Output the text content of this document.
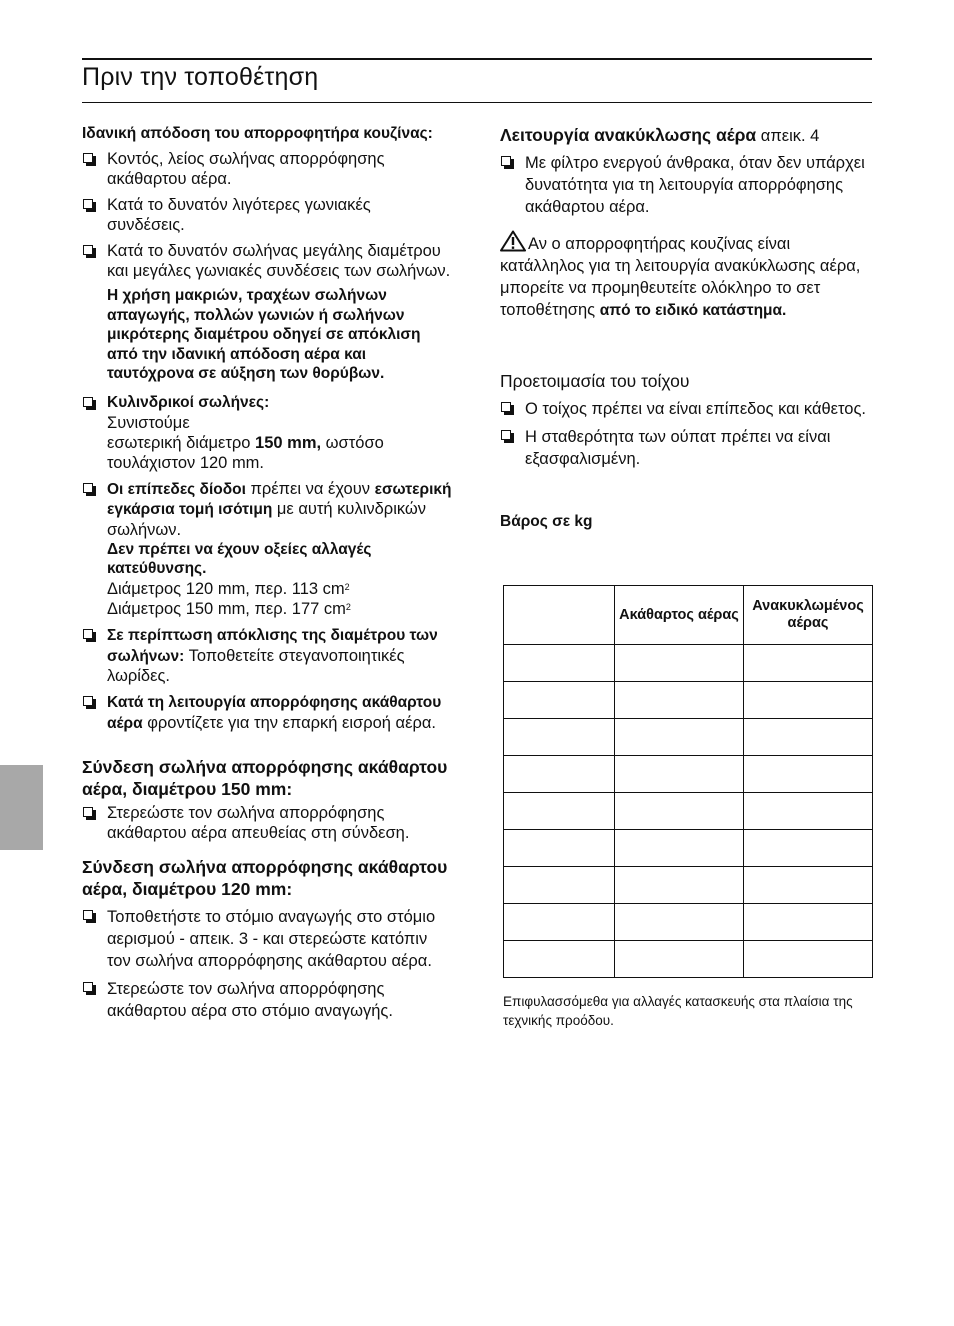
Πριν την τοποθέτηση

Ιδανική απόδοση του απορροφητήρα κουζίνας:

Κοντός, λείος σωλήνας απορρόφησης ακάθαρτου αέρα.
Κατά το δυνατόν λιγότερες γωνιακές συνδέσεις.
Κατά το δυνατόν σωλήνας μεγάλης διαμέτρου και μεγάλες γωνιακές συνδέσεις των σωλήνων.
Η χρήση μακριών, τραχέων σωλήνων απαγωγής, πολλών γωνιών ή σωλήνων μικρότερης διαμέτρου οδηγεί σε απόκλιση από την ιδανική απόδοση αέρα και ταυτόχρονα σε αύξηση των θορύβων.
Κυλινδρικοί σωλήνες:
Συνιστούμε
εσωτερική διάμετρο 150 mm, ωστόσο
τουλάχιστον 120 mm.
Οι επίπεδες δίοδοι πρέπει να έχουν εσωτερική εγκάρσια τομή ισότιμη με αυτή κυλινδρικών σωλήνων.
Δεν πρέπει να έχουν οξείες αλλαγές κατεύθυνσης.
Διάμετρος 120 mm, περ. 113 $cm^2$
Διάμετρος 150 mm, περ. 177 $cm^2$
Σε περίπτωση απόκλισης της διαμέτρου των σωλήνων: Τοποθετείτε στεγανοποιητικές λωρίδες.
Κατά τη λειτουργία απορρόφησης ακάθαρτου αέρα φροντίζετε για την επαρκή εισροή αέρα.

Σύνδεση σωλήνα απορρόφησης ακάθαρτου αέρα, διαμέτρου 150 mm:

Στερεώστε τον σωλήνα απορρόφησης ακάθαρτου αέρα απευθείας στη σύνδεση.

Σύνδεση σωλήνα απορρόφησης ακάθαρτου αέρα, διαμέτρου 120 mm:

Τοποθετήστε το στόμιο αναγωγής στο στόμιο αερισμού - απεικ. 3 - και στερεώστε κατόπιν τον σωλήνα απορρόφησης ακάθαρτου αέρα.
Στερεώστε τον σωλήνα απορρόφησης ακάθαρτου αέρα στο στόμιο αναγωγής.

Λειτουργία ανακύκλωσης αέρα απεικ. 4

Με φίλτρο ενεργού άνθρακα, όταν δεν υπάρχει δυνατότητα για τη λειτουργία απορρόφησης ακάθαρτου αέρα.
Αν ο απορροφητήρας κουζίνας είναι κατάλληλος για τη λειτουργία ανακύκλωσης αέρα, μπορείτε να προμηθευτείτε ολόκληρο το σετ τοποθέτησης από το ειδικό κατάστημα.

Προετοιμασία του τοίχου

Ο τοίχος πρέπει να είναι επίπεδος και κάθετος.
Η σταθερότητα των ούπατ πρέπει να είναι εξασφαλισμένη.

Βάρος σε kg

	Ακάθαρτος αέρας	Ανακυκλωμένος αέρας

Επιφυλασσόμεθα για αλλαγές κατασκευής στα πλαίσια της τεχνικής προόδου.
